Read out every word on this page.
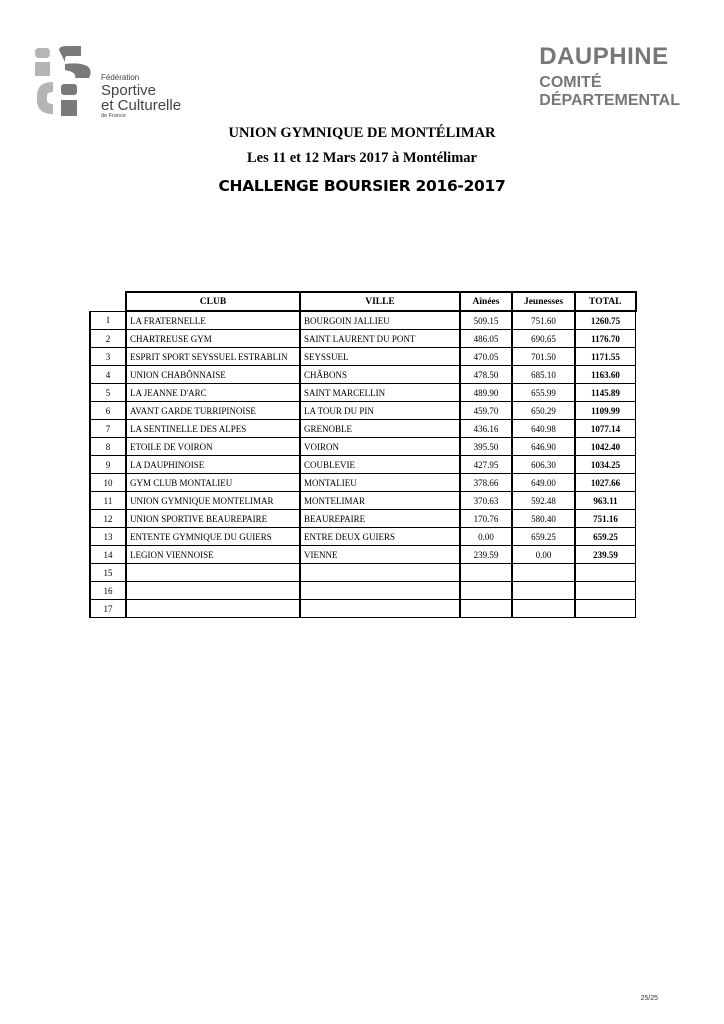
Fédération
Sportive
et Culturelle
de France
DAUPHINE
COMITÉ
DÉPARTEMENTAL
UNION GYMNIQUE DE MONTÉLIMAR
Les 11 et 12 Mars 2017 à Montélimar
CHALLENGE BOURSIER 2016-2017
	CLUB	VILLE	Aînées	Jeunesses	TOTAL
1	LA FRATERNELLE	BOURGOIN JALLIEU	509.15	751.60	1260.75
2	CHARTREUSE GYM	SAINT LAURENT DU PONT	486.05	690.65	1176.70
3	ESPRIT SPORT SEYSSUEL ESTRABLIN	SEYSSUEL	470.05	701.50	1171.55
4	UNION CHABÔNNAISE	CHÂBONS	478.50	685.10	1163.60
5	LA JEANNE D'ARC	SAINT MARCELLIN	489.90	655.99	1145.89
6	AVANT GARDE TURRIPINOISE	LA TOUR DU PIN	459.70	650.29	1109.99
7	LA SENTINELLE DES ALPES	GRENOBLE	436.16	640.98	1077.14
8	ETOILE DE VOIRON	VOIRON	395.50	646.90	1042.40
9	LA DAUPHINOISE	COUBLEVIE	427.95	606.30	1034.25
10	GYM CLUB MONTALIEU	MONTALIEU	378.66	649.00	1027.66
11	UNION GYMNIQUE MONTELIMAR	MONTELIMAR	370.63	592.48	963.11
12	UNION SPORTIVE BEAUREPAIRE	BEAUREPAIRE	170.76	580.40	751.16
13	ENTENTE GYMNIQUE DU GUIERS	ENTRE DEUX GUIERS	0.00	659.25	659.25
14	LEGION VIENNOISE	VIENNE	239.59	0.00	239.59
15					
16					
17					
25/25
